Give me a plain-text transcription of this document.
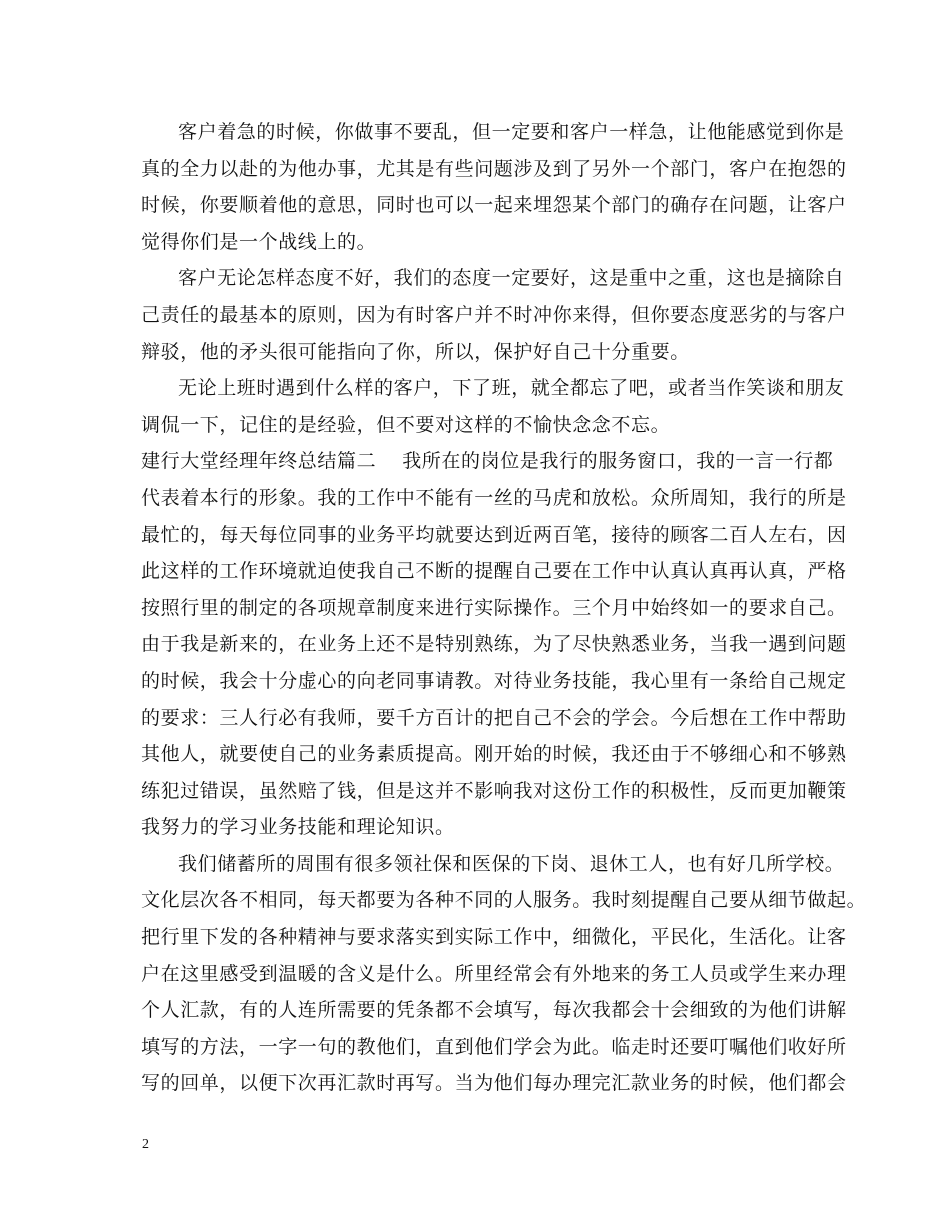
客户着急的时候，你做事不要乱，但一定要和客户一样急，让他能感觉到你是
真的全力以赴的为他办事，尤其是有些问题涉及到了另外一个部门，客户在抱怨的
时候，你要顺着他的意思，同时也可以一起来埋怨某个部门的确存在问题，让客户
觉得你们是一个战线上的。
客户无论怎样态度不好，我们的态度一定要好，这是重中之重，这也是摘除自
己责任的最基本的原则，因为有时客户并不时冲你来得，但你要态度恶劣的与客户
辩驳，他的矛头很可能指向了你，所以，保护好自己十分重要。
无论上班时遇到什么样的客户，下了班，就全都忘了吧，或者当作笑谈和朋友
调侃一下，记住的是经验，但不要对这样的不愉快念念不忘。
建行大堂经理年终总结篇二 我所在的岗位是我行的服务窗口，我的一言一行都
代表着本行的形象。我的工作中不能有一丝的马虎和放松。众所周知，我行的所是
最忙的，每天每位同事的业务平均就要达到近两百笔，接待的顾客二百人左右，因
此这样的工作环境就迫使我自己不断的提醒自己要在工作中认真认真再认真，严格
按照行里的制定的各项规章制度来进行实际操作。三个月中始终如一的要求自己。
由于我是新来的，在业务上还不是特别熟练，为了尽快熟悉业务，当我一遇到问题
的时候，我会十分虚心的向老同事请教。对待业务技能，我心里有一条给自己规定
的要求：三人行必有我师，要千方百计的把自己不会的学会。今后想在工作中帮助
其他人，就要使自己的业务素质提高。刚开始的时候，我还由于不够细心和不够熟
练犯过错误，虽然赔了钱，但是这并不影响我对这份工作的积极性，反而更加鞭策
我努力的学习业务技能和理论知识。
我们储蓄所的周围有很多领社保和医保的下岗、退休工人，也有好几所学校。
文化层次各不相同，每天都要为各种不同的人服务。我时刻提醒自己要从细节做起。
把行里下发的各种精神与要求落实到实际工作中，细微化，平民化，生活化。让客
户在这里感受到温暖的含义是什么。所里经常会有外地来的务工人员或学生来办理
个人汇款，有的人连所需要的凭条都不会填写，每次我都会十会细致的为他们讲解
填写的方法，一字一句的教他们，直到他们学会为此。临走时还要叮嘱他们收好所
写的回单，以便下次再汇款时再写。当为他们每办理完汇款业务的时候，他们都会
2
